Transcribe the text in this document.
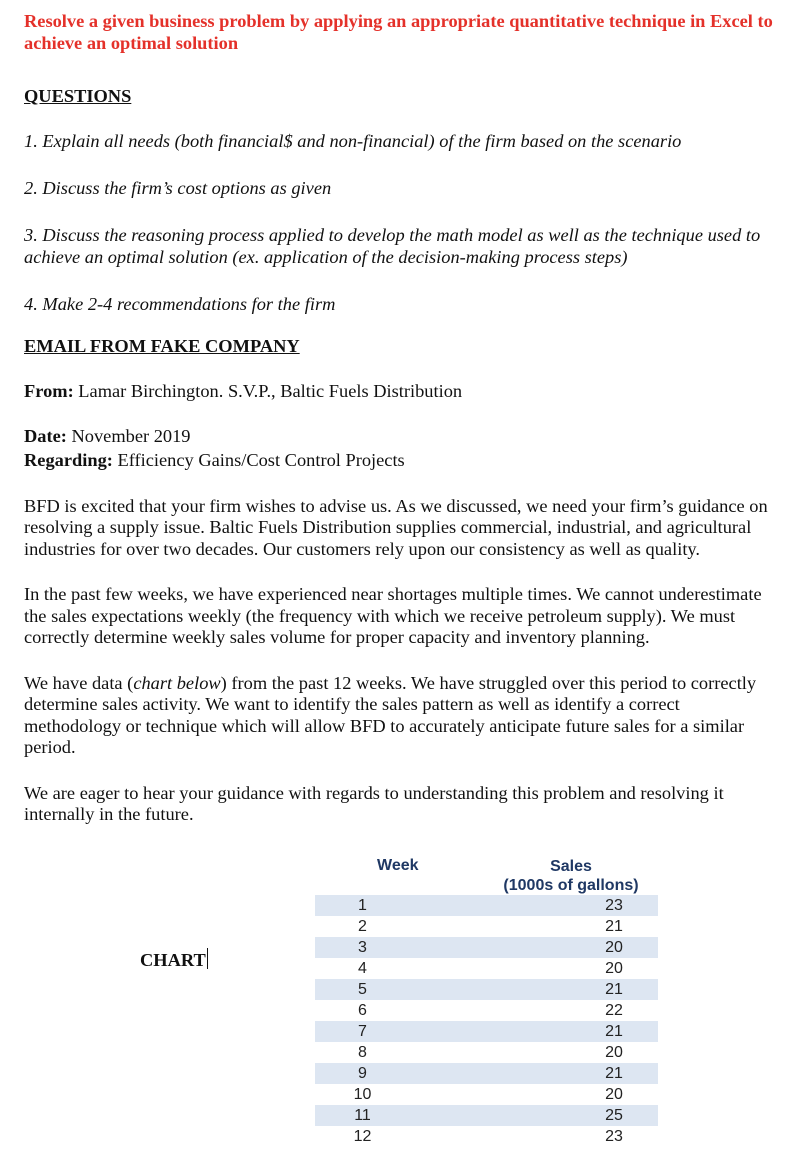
Resolve a given business problem by applying an appropriate quantitative technique in Excel to achieve an optimal solution

QUESTIONS

1. Explain all needs (both financial$ and non-financial) of the firm based on the scenario

2. Discuss the firm’s cost options as given

3. Discuss the reasoning process applied to develop the math model as well as the technique used to achieve an optimal solution (ex. application of the decision-making process steps)

4. Make 2-4 recommendations for the firm

EMAIL FROM FAKE COMPANY

From: Lamar Birchington. S.V.P., Baltic Fuels Distribution

Date: November 2019

Regarding: Efficiency Gains/Cost Control Projects

BFD is excited that your firm wishes to advise us. As we discussed, we need your firm’s guidance on resolving a supply issue. Baltic Fuels Distribution supplies commercial, industrial, and agricultural industries for over two decades. Our customers rely upon our consistency as well as quality.

In the past few weeks, we have experienced near shortages multiple times. We cannot underestimate the sales expectations weekly (the frequency with which we receive petroleum supply). We must correctly determine weekly sales volume for proper capacity and inventory planning.

We have data (chart below) from the past 12 weeks. We have struggled over this period to correctly determine sales activity. We want to identify the sales pattern as well as identify a correct methodology or technique which will allow BFD to accurately anticipate future sales for a similar period.

We are eager to hear your guidance with regards to understanding this problem and resolving it internally in the future.

CHART
Week	Sales
(1000s of gallons)
1	23
2	21
3	20
4	20
5	21
6	22
7	21
8	20
9	21
10	20
11	25
12	23
